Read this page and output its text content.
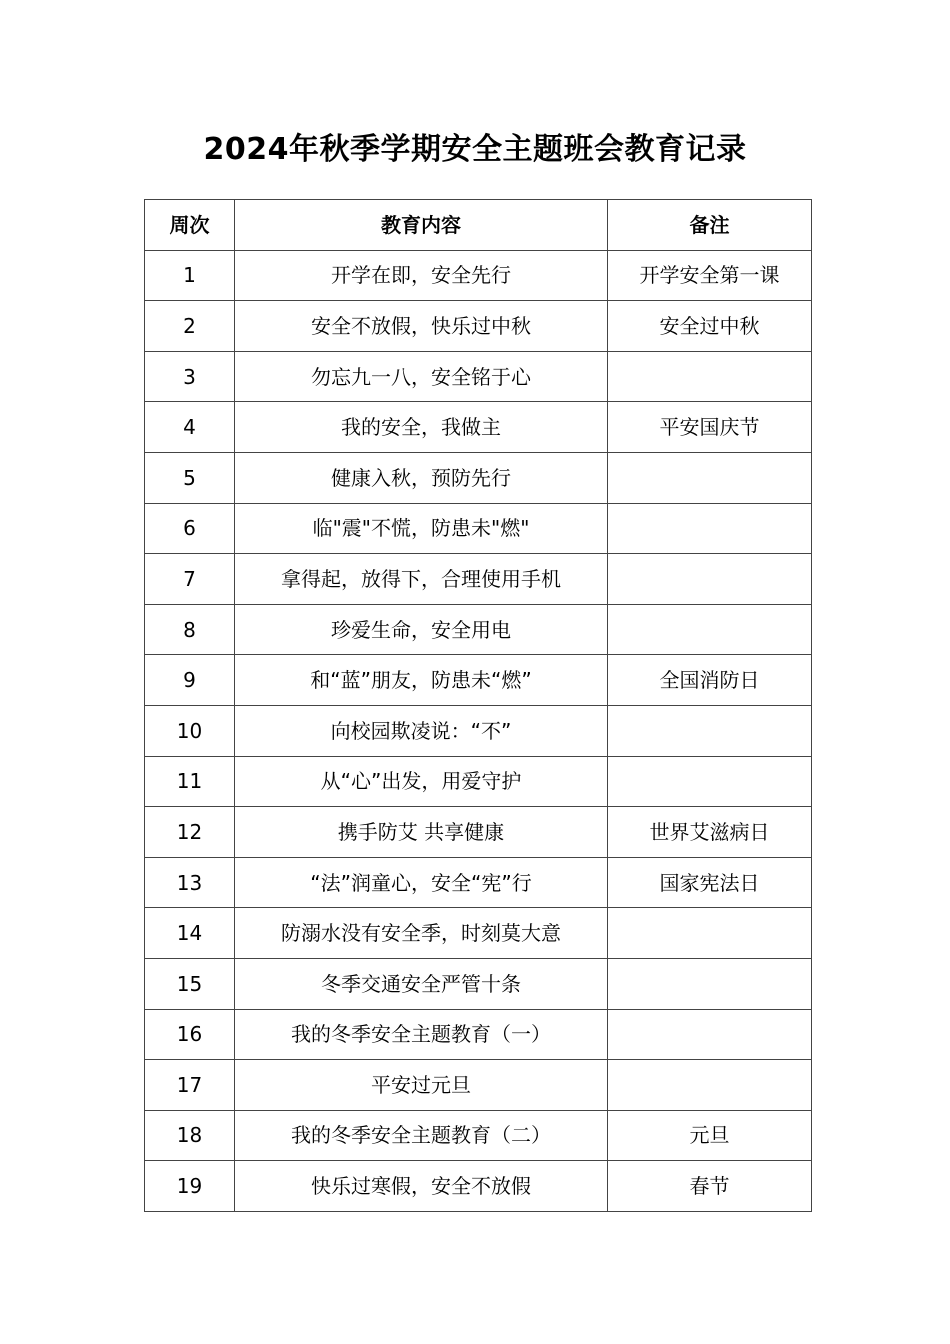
2024年秋季学期安全主题班会教育记录
周次	教育内容	备注
1	开学在即，安全先行	开学安全第一课
2	安全不放假，快乐过中秋	安全过中秋
3	勿忘九一八，安全铭于心	
4	我的安全，我做主	平安国庆节
5	健康入秋，预防先行	
6	临"震"不慌，防患未"燃"	
7	拿得起，放得下，合理使用手机	
8	珍爱生命，安全用电	
9	和“蓝”朋友，防患未“燃”	全国消防日
10	向校园欺凌说：“不”	
11	从“心”出发，用爱守护	
12	携手防艾 共享健康	世界艾滋病日
13	“法”润童心，安全“宪”行	国家宪法日
14	防溺水没有安全季，时刻莫大意	
15	冬季交通安全严管十条	
16	我的冬季安全主题教育（一）	
17	平安过元旦	
18	我的冬季安全主题教育（二）	元旦
19	快乐过寒假，安全不放假	春节
